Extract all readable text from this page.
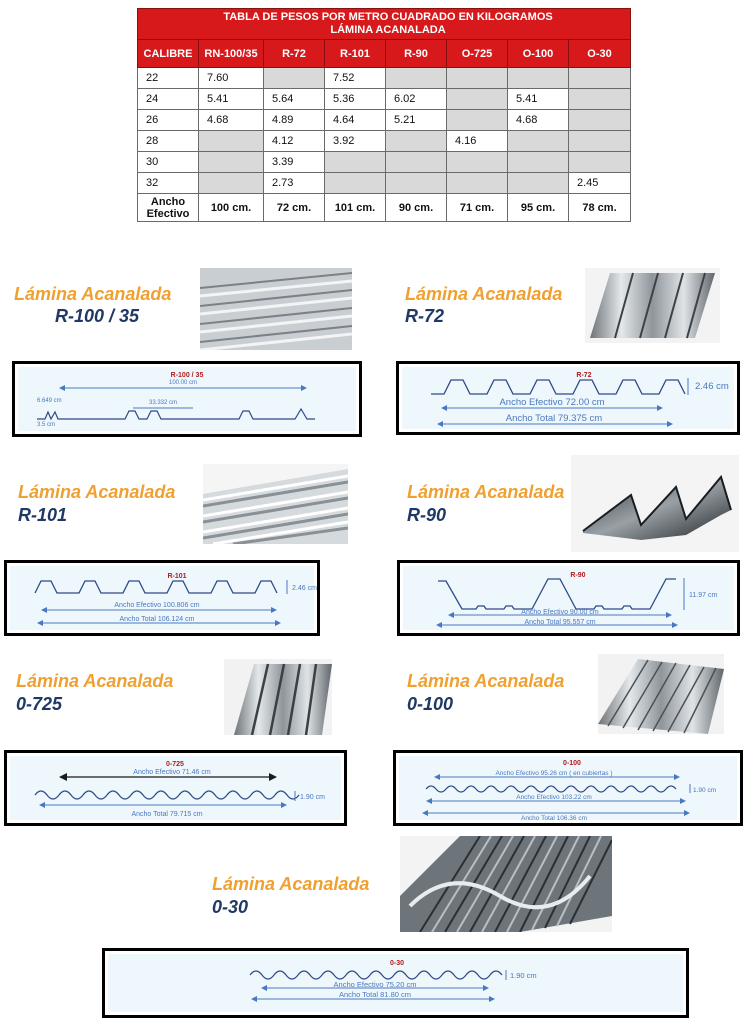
TABLA DE PESOS POR METRO CUADRADO EN KILOGRAMOS
LÁMINA ACANALADA							

CALIBRE	RN-100/35	R-72	R-101	R-90	O-725	O-100	O-30
22	7.60		7.52				
24	5.41	5.64	5.36	6.02		5.41	
26	4.68	4.89	4.64	5.21		4.68	
28		4.12	3.92		4.16		
30		3.39					
32		2.73					2.45

Ancho
Efectivo	100 cm.	72 cm.	101 cm.	90 cm.	71 cm.	95 cm.	78 cm.
Lámina Acanalada
R-100 / 35
R-100 / 35
100.00 cm
6.649 cm	33.332 cm
3.5 cm
Lámina Acanalada
R-72
R-72
Ancho Efectivo 72.00 cm
Ancho Total 79.375 cm
2.46 cm
Lámina Acanalada
R-101
R-101
Ancho Efectivo 100.806 cm
Ancho Total 106.124 cm
2.46 cm
Lámina Acanalada
R-90
R-90
Ancho Efectivo 90.00 cm
Ancho Total 95.557 cm
11.97 cm
Lámina Acanalada
0-725
0-725
Ancho Efectivo 71.46 cm
Ancho Total 79.715 cm
1.90 cm
Lámina Acanalada
0-100
0-100
Ancho Efectivo 95.26 cm ( en cubiertas )
Ancho Efectivo 103.22 cm
Ancho Total 106.36 cm
1.90 cm
Lámina Acanalada
0-30
0-30
Ancho Efectivo 75.20 cm
Ancho Total 81.80 cm
1.90 cm
